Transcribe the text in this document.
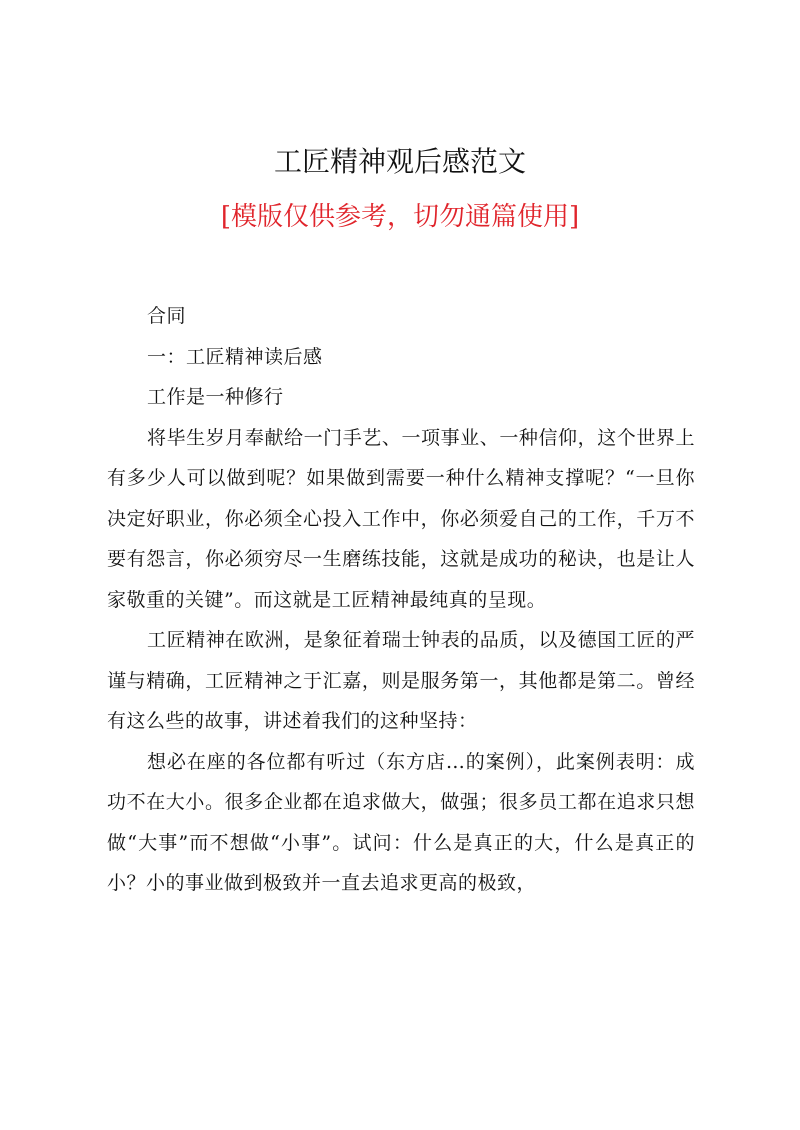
工匠精神观后感范文
[模版仅供参考，切勿通篇使用]

合同

一：工匠精神读后感

工作是一种修行

将毕生岁月奉献给一门手艺、一项事业、一种信仰，这个世界上有多少人可以做到呢？如果做到需要一种什么精神支撑呢？“一旦你决定好职业，你必须全心投入工作中，你必须爱自己的工作，千万不要有怨言，你必须穷尽一生磨练技能，这就是成功的秘诀，也是让人家敬重的关键”。而这就是工匠精神最纯真的呈现。

工匠精神在欧洲，是象征着瑞士钟表的品质，以及德国工匠的严谨与精确，工匠精神之于汇嘉，则是服务第一，其他都是第二。曾经有这么些的故事，讲述着我们的这种坚持：

想必在座的各位都有听过（东方店…的案例），此案例表明：成功不在大小。很多企业都在追求做大，做强；很多员工都在追求只想做“大事”而不想做“小事”。试问：什么是真正的大，什么是真正的小？小的事业做到极致并一直去追求更高的极致，
